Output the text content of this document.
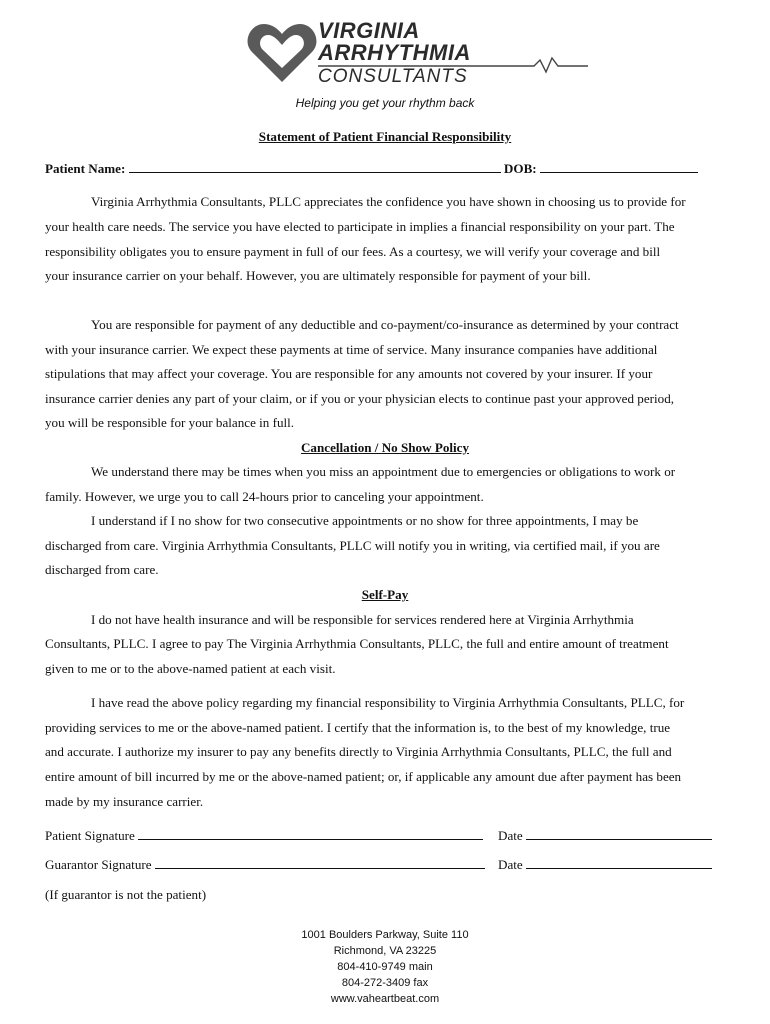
VIRGINIA
ARRHYTHMIA
CONSULTANTS
Helping you get your rhythm back
Statement of Patient Financial Responsibility
Patient Name:	DOB:
Virginia Arrhythmia Consultants, PLLC appreciates the confidence you have shown in choosing us to provide for
your health care needs. The service you have elected to participate in implies a financial responsibility on your part. The
responsibility obligates you to ensure payment in full of our fees. As a courtesy, we will verify your coverage and bill
your insurance carrier on your behalf. However, you are ultimately responsible for payment of your bill.
You are responsible for payment of any deductible and co-payment/co-insurance as determined by your contract
with your insurance carrier. We expect these payments at time of service. Many insurance companies have additional
stipulations that may affect your coverage. You are responsible for any amounts not covered by your insurer. If your
insurance carrier denies any part of your claim, or if you or your physician elects to continue past your approved period,
you will be responsible for your balance in full.
Cancellation / No Show Policy
We understand there may be times when you miss an appointment due to emergencies or obligations to work or
family. However, we urge you to call 24-hours prior to canceling your appointment.
I understand if I no show for two consecutive appointments or no show for three appointments, I may be
discharged from care. Virginia Arrhythmia Consultants, PLLC will notify you in writing, via certified mail, if you are
discharged from care.
Self-Pay
I do not have health insurance and will be responsible for services rendered here at Virginia Arrhythmia
Consultants, PLLC. I agree to pay The Virginia Arrhythmia Consultants, PLLC, the full and entire amount of treatment
given to me or to the above-named patient at each visit.
I have read the above policy regarding my financial responsibility to Virginia Arrhythmia Consultants, PLLC, for
providing services to me or the above-named patient. I certify that the information is, to the best of my knowledge, true
and accurate. I authorize my insurer to pay any benefits directly to Virginia Arrhythmia Consultants, PLLC, the full and
entire amount of bill incurred by me or the above-named patient; or, if applicable any amount due after payment has been
made by my insurance carrier.
Patient Signature	Date
Guarantor Signature	Date
(If guarantor is not the patient)
1001 Boulders Parkway, Suite 110
Richmond, VA 23225
804-410-9749 main
804-272-3409 fax
www.vaheartbeat.com
